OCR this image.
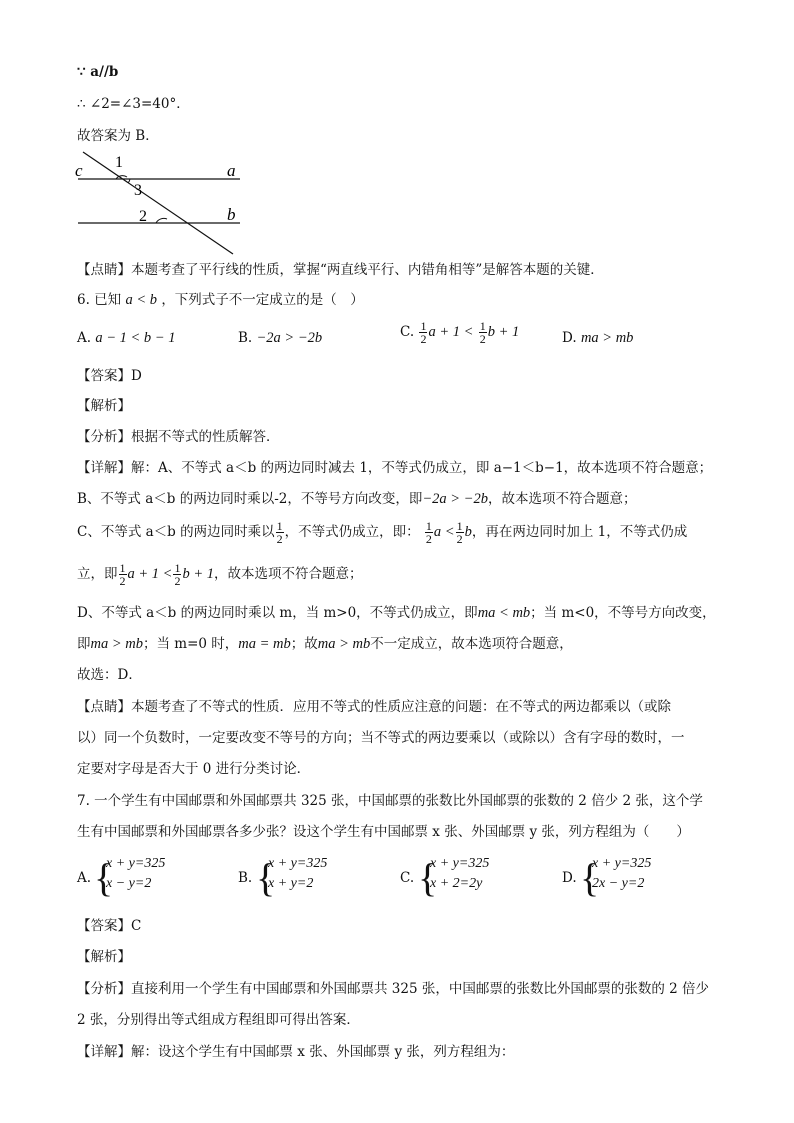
∵ a//b
∴ ∠2=∠3=40°．
故答案为 B．
1
3
2
a
b
c
【点睛】本题考查了平行线的性质，掌握“两直线平行、内错角相等”是解答本题的关键．
6. 已知 a < b ，下列式子不一定成立的是（　）
A. a − 1 < b − 1	B. −2a > −2b	C. $\frac{1}{2}$ $a + 1 < \frac{1}{2}$ b + 1	D. ma > mb
【答案】D
【解析】
【分析】根据不等式的性质解答．
【详解】解：A、不等式 a＜b 的两边同时减去 1，不等式仍成立，即 a−1＜b−1，故本选项不符合题意；
B、不等式 a＜b 的两边同时乘以-2，不等号方向改变，即−2a > −2b，故本选项不符合题意；
C、不等式 a＜b 的两边同时乘以 $\frac{1}{2}$ ，不等式仍成立，即： $\frac{1}{2}$ $a < \frac{1}{2}$ b，再在两边同时加上 1，不等式仍成
立，即 $\frac{1}{2}$ $a + 1 < \frac{1}{2}$ b + 1，故本选项不符合题意；
D、不等式 a＜b 的两边同时乘以 m，当 m>0，不等式仍成立，即ma < mb；当 m<0，不等号方向改变，
即ma > mb；当 m=0 时，ma = mb；故ma > mb不一定成立，故本选项符合题意，
故选：D．
【点睛】本题考查了不等式的性质．应用不等式的性质应注意的问题：在不等式的两边都乘以（或除
以）同一个负数时，一定要改变不等号的方向；当不等式的两边要乘以（或除以）含有字母的数时，一
定要对字母是否大于 0 进行分类讨论．
7. 一个学生有中国邮票和外国邮票共 325 张，中国邮票的张数比外国邮票的张数的 2 倍少 2 张，这个学
生有中国邮票和外国邮票各多少张？设这个学生有中国邮票 x 张、外国邮票 y 张，列方程组为（　　）
A. {
x + y=325
x − y=2	B. {
x + y=325
x + y=2	C. {
x + y=325
x + 2=2y	D. {
x + y=325
2x − y=2
【答案】C
【解析】
【分析】直接利用一个学生有中国邮票和外国邮票共 325 张，中国邮票的张数比外国邮票的张数的 2 倍少
2 张，分别得出等式组成方程组即可得出答案．
【详解】解：设这个学生有中国邮票 x 张、外国邮票 y 张，列方程组为：
